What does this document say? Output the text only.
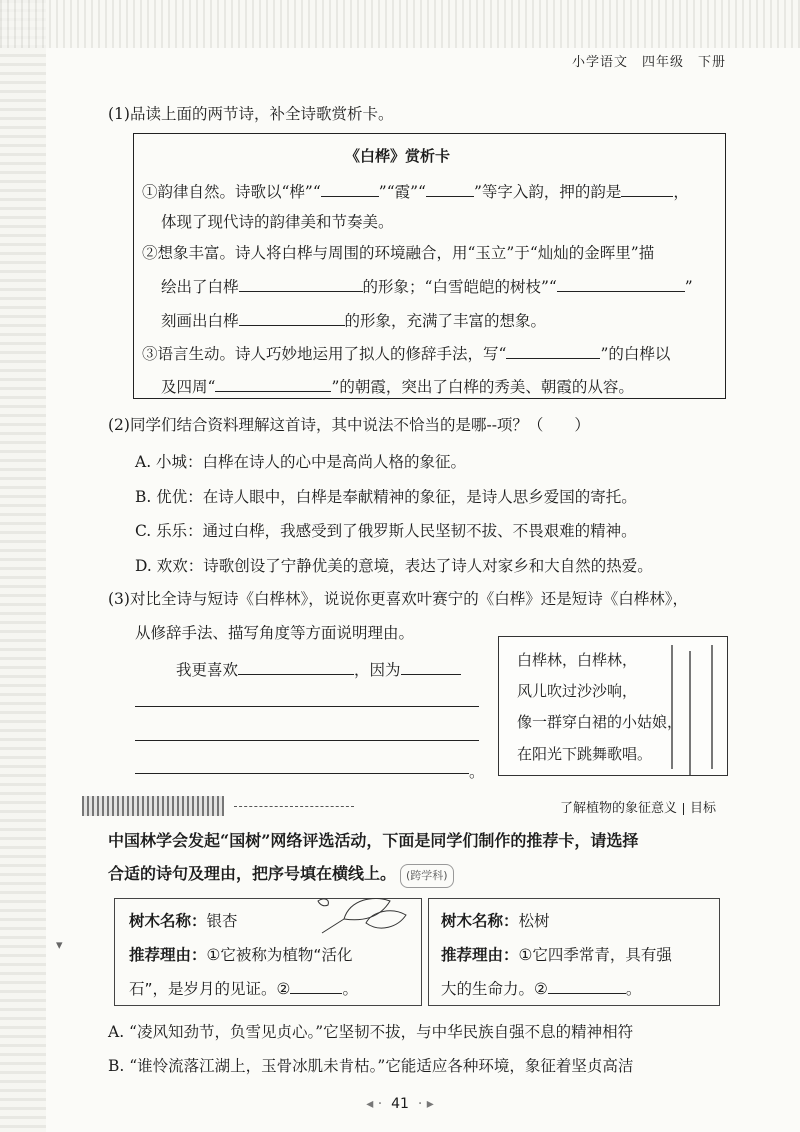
小学语文　四年级　下册
(1)品读上面的两节诗，补全诗歌赏析卡。
《白桦》赏析卡
①韵律自然。诗歌以“桦”“	”“霞”“	”等字入韵，押的韵是	，
体现了现代诗的韵律美和节奏美。
②想象丰富。诗人将白桦与周围的环境融合，用“玉立”于“灿灿的金晖里”描
绘出了白桦	的形象；“白雪皑皑的树枝”“	”
刻画出白桦	的形象，充满了丰富的想象。
③语言生动。诗人巧妙地运用了拟人的修辞手法，写“	”的白桦以
及四周“	”的朝霞，突出了白桦的秀美、朝霞的从容。
(2)同学们结合资料理解这首诗，其中说法不恰当的是哪--项？（　　）
A. 小城：白桦在诗人的心中是高尚人格的象征。
B. 优优：在诗人眼中，白桦是奉献精神的象征，是诗人思乡爱国的寄托。
C. 乐乐：通过白桦，我感受到了俄罗斯人民坚韧不拔、不畏艰难的精神。
D. 欢欢：诗歌创设了宁静优美的意境，表达了诗人对家乡和大自然的热爱。
(3)对比全诗与短诗《白桦林》，说说你更喜欢叶赛宁的《白桦》还是短诗《白桦林》，
从修辞手法、描写角度等方面说明理由。
我更喜欢	，因为
。
白桦林，白桦林，
风儿吹过沙沙响，
像一群穿白裙的小姑娘，
在阳光下跳舞歌唱。
了解植物的象征意义 目标
中国林学会发起“国树”网络评选活动，下面是同学们制作的推荐卡，请选择
合适的诗句及理由，把序号填在横线上。 (跨学科)
树木名称：银杏
推荐理由：①它被称为植物“活化
石”，是岁月的见证。②	。
树木名称：松树
推荐理由：①它四季常青，具有强
大的生命力。②	。
A. “凌风知劲节，负雪见贞心。”它坚韧不拔，与中华民族自强不息的精神相符
B. “谁怜流落江湖上，玉骨冰肌未肯枯。”它能适应各种环境，象征着坚贞高洁
▾
◂ · 41 · ▸
